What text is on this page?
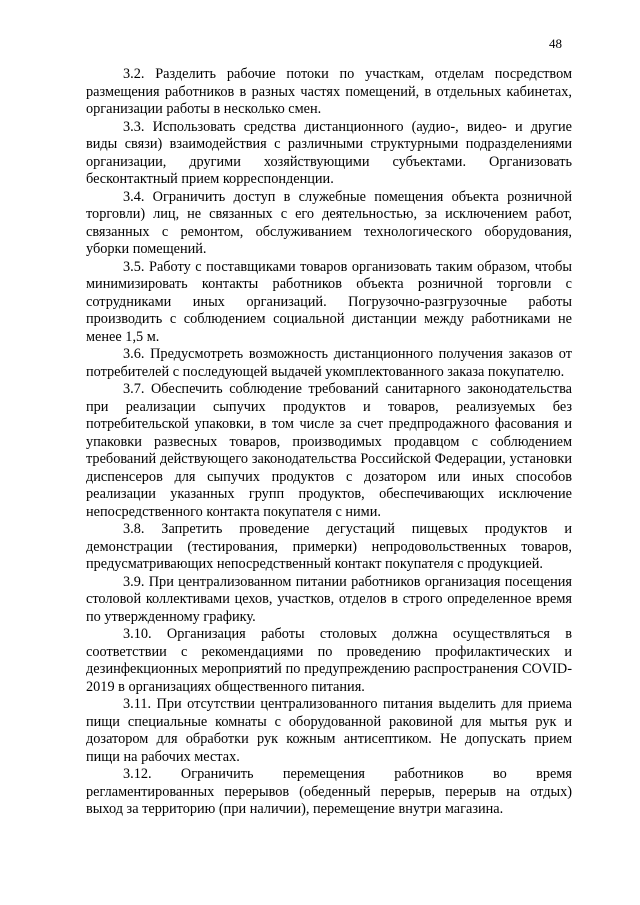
48

3.2. Разделить рабочие потоки по участкам, отделам посредством размещения работников в разных частях помещений, в отдельных кабинетах, организации работы в несколько смен.

3.3. Использовать средства дистанционного (аудио-, видео- и другие виды связи) взаимодействия с различными структурными подразделениями организации, другими хозяйствующими субъектами. Организовать бесконтактный прием корреспонденции.

3.4. Ограничить доступ в служебные помещения объекта розничной торговли) лиц, не связанных с его деятельностью, за исключением работ, связанных с ремонтом, обслуживанием технологического оборудования, уборки помещений.

3.5. Работу с поставщиками товаров организовать таким образом, чтобы минимизировать контакты работников объекта розничной торговли с сотрудниками иных организаций. Погрузочно-разгрузочные работы производить с соблюдением социальной дистанции между работниками не менее 1,5 м.

3.6. Предусмотреть возможность дистанционного получения заказов от потребителей с последующей выдачей укомплектованного заказа покупателю.

3.7. Обеспечить соблюдение требований санитарного законодательства при реализации сыпучих продуктов и товаров, реализуемых без потребительской упаковки, в том числе за счет предпродажного фасования и упаковки развесных товаров, производимых продавцом с соблюдением требований действующего законодательства Российской Федерации, установки диспенсеров для сыпучих продуктов с дозатором или иных способов реализации указанных групп продуктов, обеспечивающих исключение непосредственного контакта покупателя с ними.

3.8. Запретить проведение дегустаций пищевых продуктов и демонстрации (тестирования, примерки) непродовольственных товаров, предусматривающих непосредственный контакт покупателя с продукцией.

3.9. При централизованном питании работников организация посещения столовой коллективами цехов, участков, отделов в строго определенное время по утвержденному графику.

3.10. Организация работы столовых должна осуществляться в соответствии с рекомендациями по проведению профилактических и дезинфекционных мероприятий по предупреждению распространения COVID-2019 в организациях общественного питания.

3.11. При отсутствии централизованного питания выделить для приема пищи специальные комнаты с оборудованной раковиной для мытья рук и дозатором для обработки рук кожным антисептиком. Не допускать прием пищи на рабочих местах.

3.12. Ограничить перемещения работников во время регламентированных перерывов (обеденный перерыв, перерыв на отдых) выход за территорию (при наличии), перемещение внутри магазина.
